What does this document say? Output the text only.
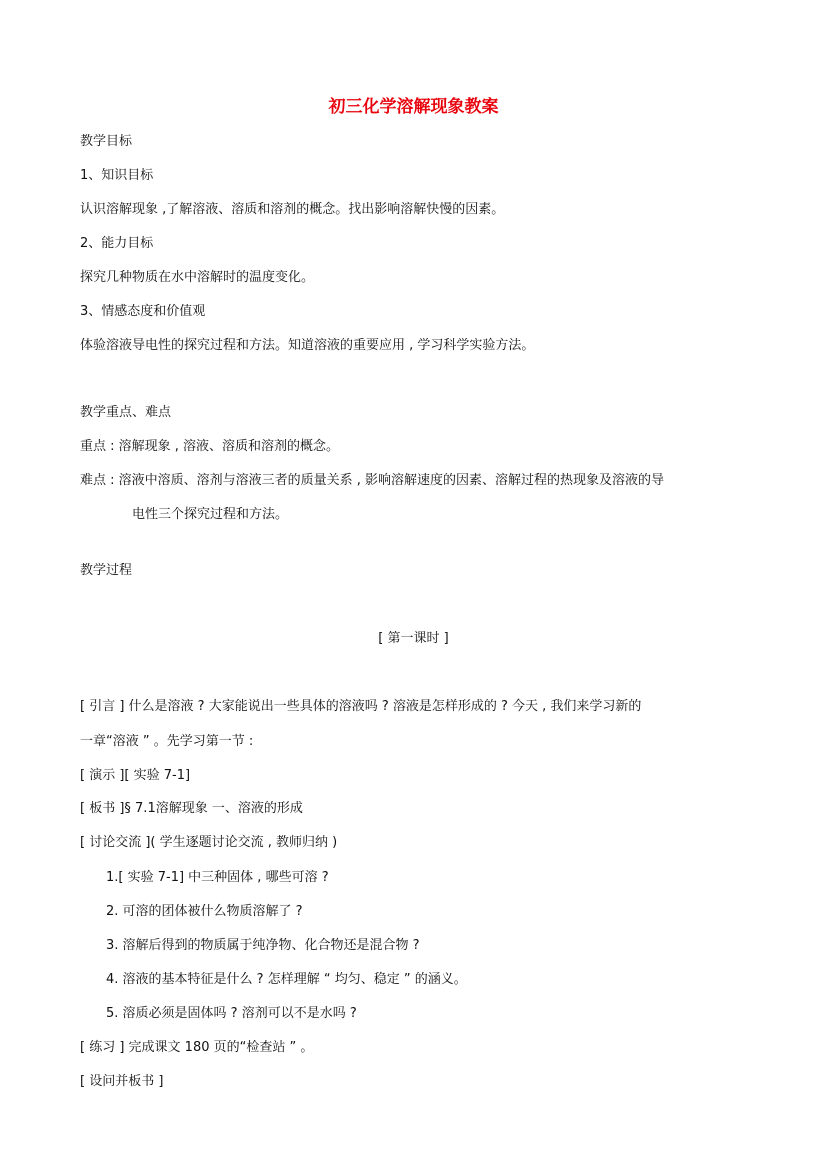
初三化学溶解现象教案
教学目标
1、知识目标
认识溶解现象 ,了解溶液、溶质和溶剂的概念。找出影响溶解快慢的因素。
2、能力目标
探究几种物质在水中溶解时的温度变化。
3、情感态度和价值观
体验溶液导电性的探究过程和方法。知道溶液的重要应用 , 学习科学实验方法。
教学重点、难点
重点 : 溶解现象 , 溶液、溶质和溶剂的概念。
难点 : 溶液中溶质、溶剂与溶液三者的质量关系 , 影响溶解速度的因素、溶解过程的热现象及溶液的导
电性三个探究过程和方法。
教学过程
[ 第一课时 ]
[ 引言 ] 什么是溶液 ? 大家能说出一些具体的溶液吗 ? 溶液是怎样形成的 ? 今天 , 我们来学习新的
一章“溶液 ” 。先学习第一节 :
[ 演示 ][ 实验 7-1]
[ 板书 ]§ 7.1溶解现象 一、溶液的形成
[ 讨论交流 ]( 学生逐题讨论交流 , 教师归纳 )
1.[ 实验 7-1] 中三种固体 , 哪些可溶 ?
2. 可溶的团体被什么物质溶解了 ?
3. 溶解后得到的物质属于纯净物、化合物还是混合物 ?
4. 溶液的基本特征是什么 ? 怎样理解 “ 均匀、稳定 ” 的涵义。
5. 溶质必须是固体吗 ? 溶剂可以不是水吗 ?
[ 练习 ] 完成课文 180 页的“检查站 ” 。
[ 设问并板书 ]
